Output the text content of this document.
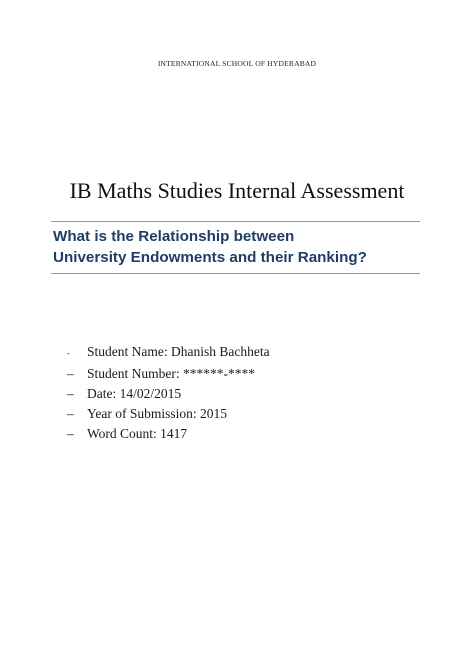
INTERNATIONAL SCHOOL OF HYDERABAD
IB Maths Studies Internal Assessment
What is the Relationship between
University Endowments and their Ranking?
-	Student Name: Dhanish Bachheta
– Student Number: ******-****
– Date: 14/02/2015
– Year of Submission: 2015
– Word Count: 1417
